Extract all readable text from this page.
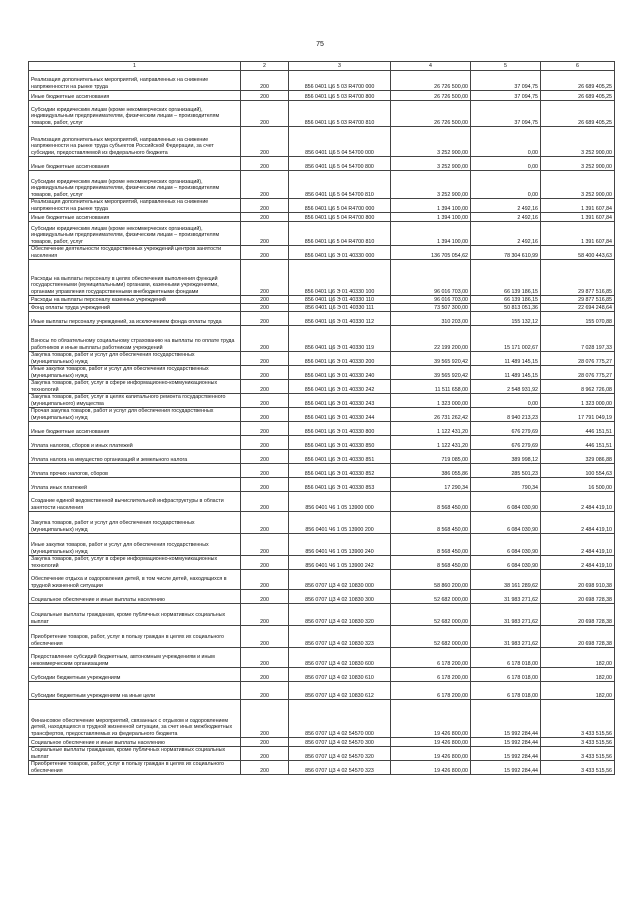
75
1	2	3	4	5	6

Реализация дополнительных мероприятий, направленных на снижение напряженности на рынке труда	200	856 0401 Ц6 5 03 R4700 000	26 726 500,00	37 094,75	26 689 405,25

Иные бюджетные ассигнования	200	856 0401 Ц6 5 03 R4700 800	26 726 500,00	37 094,75	26 689 405,25

Субсидии юридическим лицам (кроме некоммерческих организаций), индивидуальным предпринимателям, физическим лицам – производителям товаров, работ, услуг	200	856 0401 Ц6 5 03 R4700 810	26 726 500,00	37 094,75	26 689 405,25

Реализация дополнительных мероприятий, направленных на снижение напряженности на рынке труда субъектов Российской Федерации, за счет субсидии, предоставляемой из федерального бюджета	200	856 0401 Ц6 5 04 54700 000	3 252 900,00	0,00	3 252 900,00

Иные бюджетные ассигнования	200	856 0401 Ц6 5 04 54700 800	3 252 900,00	0,00	3 252 900,00

Субсидии юридическим лицам (кроме некоммерческих организаций), индивидуальным предпринимателям, физическим лицам – производителям товаров, работ, услуг	200	856 0401 Ц6 5 04 54700 810	3 252 900,00	0,00	3 252 900,00

Реализация дополнительных мероприятий, направленных на снижение напряженности на рынке труда	200	856 0401 Ц6 5 04 R4700 000	1 394 100,00	2 492,16	1 391 607,84

Иные бюджетные ассигнования	200	856 0401 Ц6 5 04 R4700 800	1 394 100,00	2 492,16	1 391 607,84

Субсидии юридическим лицам (кроме некоммерческих организаций), индивидуальным предпринимателям, физическим лицам – производителям товаров, работ, услуг	200	856 0401 Ц6 5 04 R4700 810	1 394 100,00	2 492,16	1 391 607,84

Обеспечение деятельности государственных учреждений центров занятости населения	200	856 0401 Ц6 Э 01 40330 000	136 705 054,62	78 304 610,99	58 400 443,63

Расходы на выплаты персоналу в целях обеспечения выполнения функций государственными (муниципальными) органами, казенными учреждениями, органами управления государственными внебюджетными фондами	200	856 0401 Ц6 Э 01 40330 100	96 016 703,00	66 139 186,15	29 877 516,85

Расходы на выплаты персоналу казенных учреждений	200	856 0401 Ц6 Э 01 40330 110	96 016 703,00	66 139 186,15	29 877 516,85

Фонд оплаты труда учреждений	200	856 0401 Ц6 Э 01 40330 111	73 507 300,00	50 813 051,36	22 694 248,64

Иные выплаты персоналу учреждений, за исключением фонда оплаты труда	200	856 0401 Ц6 Э 01 40330 112	310 203,00	155 132,12	155 070,88

Взносы по обязательному социальному страхованию на выплаты по оплате труда работников и иные выплаты работникам учреждений	200	856 0401 Ц6 Э 01 40330 119	22 199 200,00	15 171 002,67	7 028 197,33

Закупка товаров, работ и услуг для обеспечения государственных (муниципальных) нужд	200	856 0401 Ц6 Э 01 40330 200	39 565 920,42	11 489 145,15	28 076 775,27

Иные закупки товаров, работ и услуг для обеспечения государственных (муниципальных) нужд	200	856 0401 Ц6 Э 01 40330 240	39 565 920,42	11 489 145,15	28 076 775,27

Закупка товаров, работ, услуг в сфере информационно-коммуникационных технологий	200	856 0401 Ц6 Э 01 40330 242	11 511 658,00	2 548 931,92	8 962 726,08

Закупка товаров, работ, услуг в целях капитального ремонта государственного (муниципального) имущества	200	856 0401 Ц6 Э 01 40330 243	1 323 000,00	0,00	1 323 000,00

Прочая закупка товаров, работ и услуг для обеспечения государственных (муниципальных) нужд	200	856 0401 Ц6 Э 01 40330 244	26 731 262,42	8 940 213,23	17 791 049,19

Иные бюджетные ассигнования	200	856 0401 Ц6 Э 01 40330 800	1 122 431,20	676 279,69	446 151,51

Уплата налогов, сборов и иных платежей	200	856 0401 Ц6 Э 01 40330 850	1 122 431,20	676 279,69	446 151,51

Уплата налога на имущество организаций и земельного налога	200	856 0401 Ц6 Э 01 40330 851	719 085,00	389 998,12	329 086,88

Уплата прочих налогов, сборов	200	856 0401 Ц6 Э 01 40330 852	386 055,86	285 501,23	100 554,63

Уплата иных платежей	200	856 0401 Ц6 Э 01 40330 853	17 290,34	790,34	16 500,00

Создание единой ведомственной вычислительной инфраструктуры в области занятости населения	200	856 0401 Ч6 1 05 13900 000	8 568 450,00	6 084 030,90	2 484 419,10

Закупка товаров, работ и услуг для обеспечения государственных (муниципальных) нужд	200	856 0401 Ч6 1 05 13900 200	8 568 450,00	6 084 030,90	2 484 419,10

Иные закупки товаров, работ и услуг для обеспечения государственных (муниципальных) нужд	200	856 0401 Ч6 1 05 13900 240	8 568 450,00	6 084 030,90	2 484 419,10

Закупка товаров, работ, услуг в сфере информационно-коммуникационных технологий	200	856 0401 Ч6 1 05 13900 242	8 568 450,00	6 084 030,90	2 484 419,10

Обеспечение отдыха и оздоровления детей, в том числе детей, находящихся в трудной жизненной ситуации	200	856 0707 Ц3 4 02 10830 000	58 860 200,00	38 161 289,62	20 698 910,38

Социальное обеспечение и иные выплаты населению	200	856 0707 Ц3 4 02 10830 300	52 682 000,00	31 983 271,62	20 698 728,38

Социальные выплаты гражданам, кроме публичных нормативных социальных выплат	200	856 0707 Ц3 4 02 10830 320	52 682 000,00	31 983 271,62	20 698 728,38

Приобретение товаров, работ, услуг в пользу граждан в целях их социального обеспечения	200	856 0707 Ц3 4 02 10830 323	52 682 000,00	31 983 271,62	20 698 728,38

Предоставление субсидий бюджетным, автономным учреждениям и иным некоммерческим организациям	200	856 0707 Ц3 4 02 10830 600	6 178 200,00	6 178 018,00	182,00

Субсидии бюджетным учреждениям	200	856 0707 Ц3 4 02 10830 610	6 178 200,00	6 178 018,00	182,00

Субсидии бюджетным учреждениям на иные цели	200	856 0707 Ц3 4 02 10830 612	6 178 200,00	6 178 018,00	182,00

Финансовое обеспечение мероприятий, связанных с отдыхом и оздоровлением детей, находящихся в трудной жизненной ситуации, за счет иных межбюджетных трансфертов, предоставляемых из федерального бюджета	200	856 0707 Ц3 4 02 54570 000	19 426 800,00	15 992 284,44	3 433 515,56

Социальное обеспечение и иные выплаты населению	200	856 0707 Ц3 4 02 54570 300	19 426 800,00	15 992 284,44	3 433 515,56

Социальные выплаты гражданам, кроме публичных нормативных социальных выплат	200	856 0707 Ц3 4 02 54570 320	19 426 800,00	15 992 284,44	3 433 515,56

Приобретение товаров, работ, услуг в пользу граждан в целях их социального обеспечения	200	856 0707 Ц3 4 02 54570 323	19 426 800,00	15 992 284,44	3 433 515,56
